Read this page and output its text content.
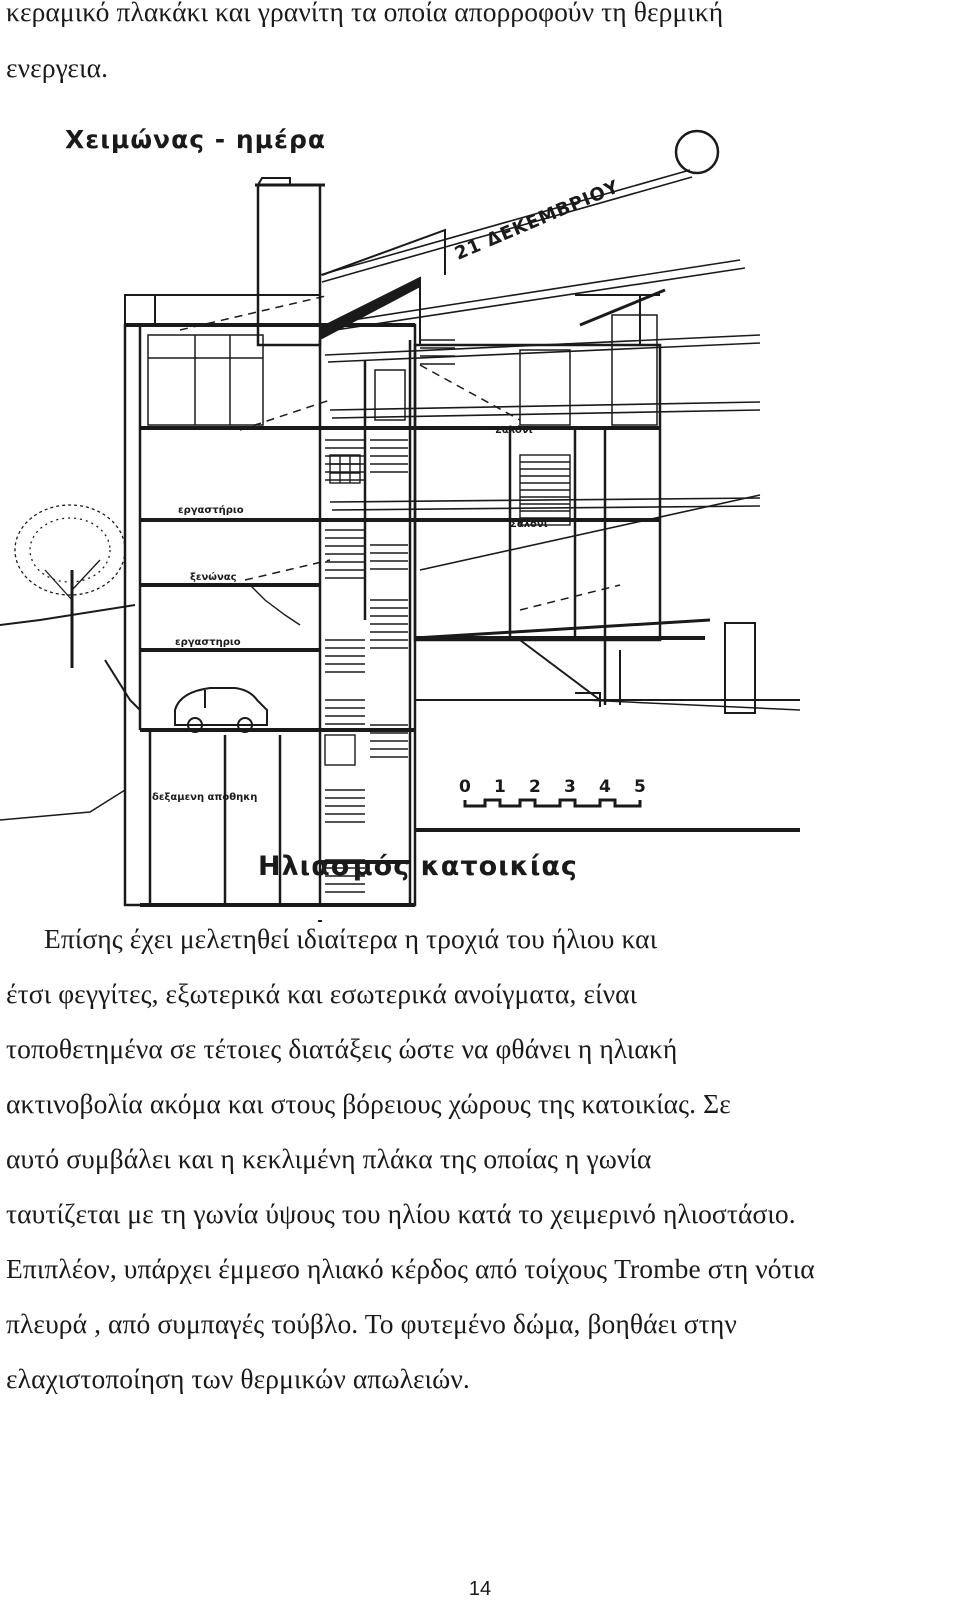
κεραμικό πλακάκι και γρανίτη τα οποία απορροφούν τη θερμική
ενεργεια.
Χειμώνας - ημέρα
21 ΔΕΚΕΜΒΡΙΟΥ
Σαλόνι
εργαστήριο
Σαλόνι
ξενώνας
εργαστηριο
δεξαμενη αποθηκη
0 1 2 3 4 5
Ηλιασμός κατοικίας
Επίσης έχει μελετηθεί ιδιαίτερα η τροχιά του ήλιου και
έτσι φεγγίτες, εξωτερικά και εσωτερικά ανοίγματα, είναι
τοποθετημένα σε τέτοιες διατάξεις ώστε να φθάνει η ηλιακή
ακτινοβολία ακόμα και στους βόρειους χώρους της κατοικίας. Σε
αυτό συμβάλει και η κεκλιμένη πλάκα της οποίας η γωνία
ταυτίζεται με τη γωνία ύψους του ηλίου κατά το χειμερινό ηλιοστάσιο.
Επιπλέον, υπάρχει έμμεσο ηλιακό κέρδος από τοίχους Trombe στη νότια
πλευρά , από συμπαγές τούβλο. Το φυτεμένο δώμα, βοηθάει στην
ελαχιστοποίηση των θερμικών απωλειών.
14
